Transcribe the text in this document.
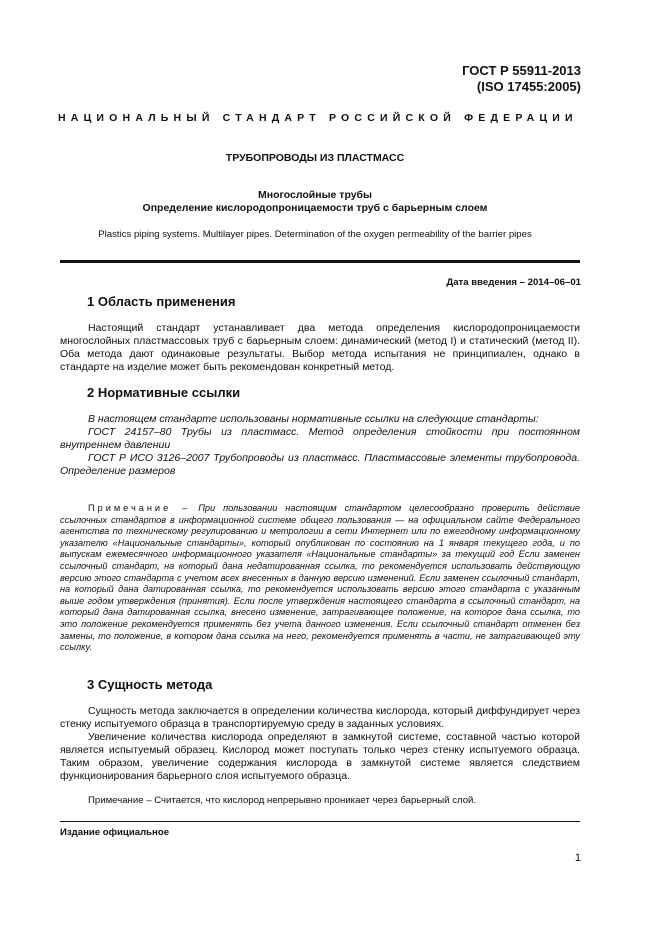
ГОСТ Р 55911-2013
(ISO 17455:2005)
НАЦИОНАЛЬНЫЙ СТАНДАРТ РОССИЙСКОЙ ФЕДЕРАЦИИ
ТРУБОПРОВОДЫ ИЗ ПЛАСТМАСС
Многослойные трубы
Определение кислородопроницаемости труб с барьерным слоем
Plastics piping systems. Multilayer pipes. Determination of the oxygen permeability of the barrier pipes
Дата введения – 2014–06–01
1 Область применения

Настоящий стандарт устанавливает два метода определения кислородопроницаемости многослойных пластмассовых труб с барьерным слоем: динамический (метод I) и статический (метод II). Оба метода дают одинаковые результаты. Выбор метода испытания не принципиален, однако в стандарте на изделие может быть рекомендован конкретный метод.

2 Нормативные ссылки

В настоящем стандарте использованы нормативные ссылки на следующие стандарты:

ГОСТ 24157–80 Трубы из пластмасс. Метод определения стойкости при постоянном внутреннем давлении

ГОСТ Р ИСО 3126–2007 Трубопроводы из пластмасс. Пластмассовые элементы трубопровода. Определение размеров

Примечание – При пользовании настоящим стандартом целесообразно проверить действие ссылочных стандартов в информационной системе общего пользования — на официальном сайте Федерального агентства по техническому регулированию и метрологии в сети Интернет или по ежегодному информационному указателю «Национальные стандарты», который опубликован по состоянию на 1 января текущего года, и по выпускам ежемесячного информационного указателя «Национальные стандарты» за текущий год Если заменен ссылочный стандарт, на который дана недатированная ссылка, то рекомендуется использовать действующую версию этого стандарта с учетом всех внесенных в данную версию изменений. Если заменен ссылочный стандарт, на который дана датированная ссылка, то рекомендуется использовать версию этого стандарта с указанным выше годом утверждения (принятия). Если после утверждения настоящего стандарта в ссылочный стандарт, на который дана датированная ссылка, внесено изменение, затрагивающее положение, на которое дана ссылка, то это положение рекомендуется применять без учета данного изменения. Если ссылочный стандарт отменен без замены, то положение, в котором дана ссылка на него, рекомендуется применять в части, не затрагивающей эту ссылку.

3 Сущность метода

Сущность метода заключается в определении количества кислорода, который диффундирует через стенку испытуемого образца в транспортируемую среду в заданных условиях.

Увеличение количества кислорода определяют в замкнутой системе, составной частью которой является испытуемый образец. Кислород может поступать только через стенку испытуемого образца. Таким образом, увеличение содержания кислорода в замкнутой системе является следствием функционирования барьерного слоя испытуемого образца.

Примечание – Считается, что кислород непрерывно проникает через барьерный слой.

Издание официальное
1
